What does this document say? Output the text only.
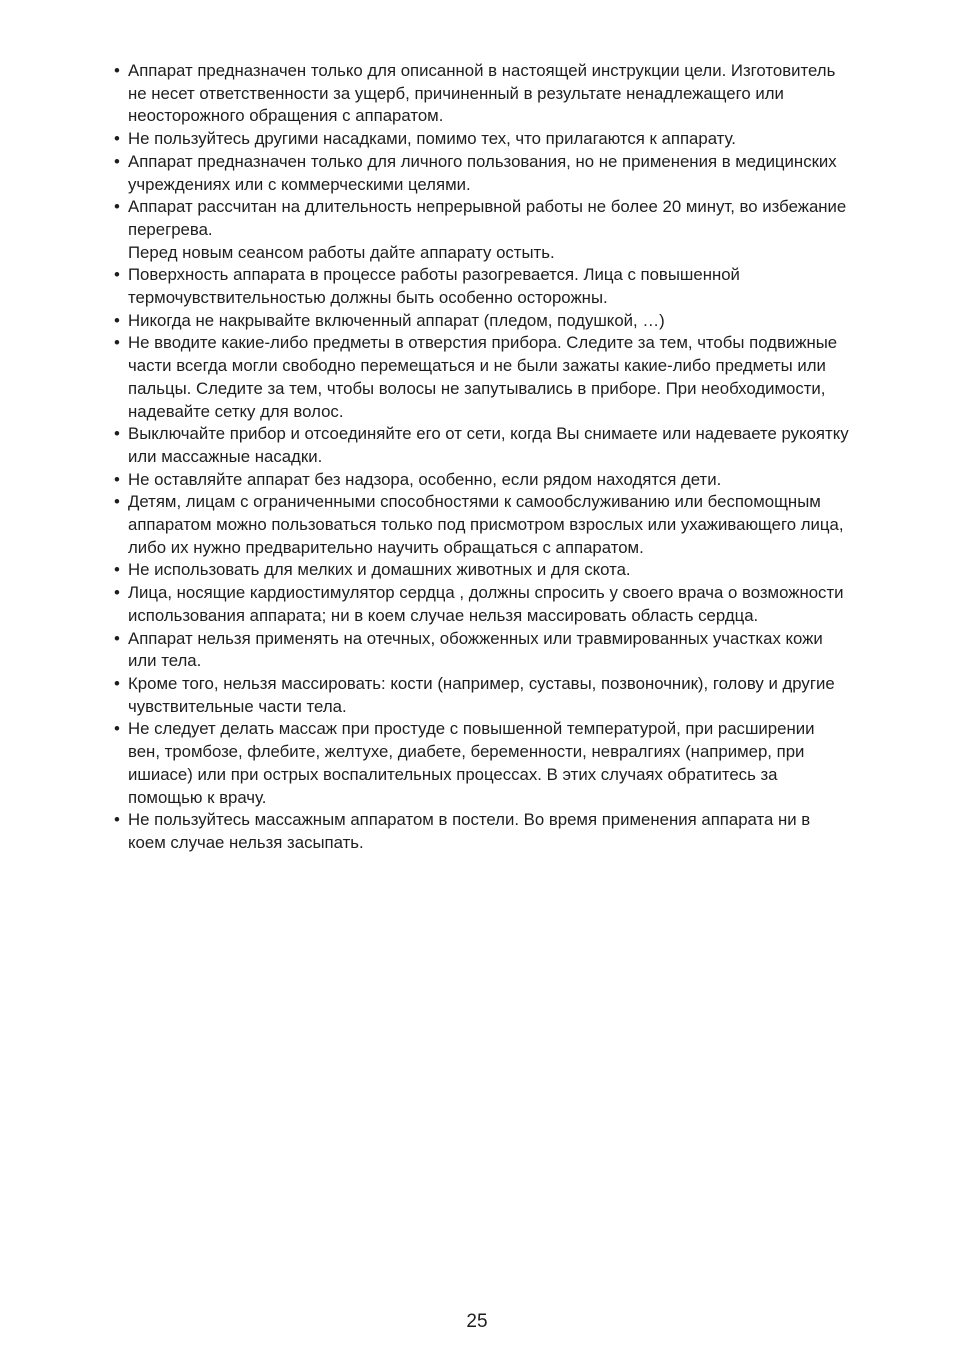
• Аппарат предназначен только для описанной в настоящей инструкции цели. Изготовитель
не несет ответственности за ущерб, причиненный в результате ненадлежащего или
неосторожного обращения с аппаратом.
• Не пользуйтесь другими насадками, помимо тех, что прилагаются к аппарату.
• Аппарат предназначен только для личного пользования, но не применения в медицинских
учреждениях или с коммерческими целями.
• Аппарат рассчитан на длительность непрерывной работы не более 20 минут, во избежание
перегрева.
Перед новым сеансом работы дайте аппарату остыть.
• Поверхность аппарата в процессе работы разогревается. Лица с повышенной
термочувствительностью должны быть особенно осторожны.
• Никогда не накрывайте включенный аппарат (пледом, подушкой, …)
• Не вводите какие-либо предметы в отверстия прибора. Следите за тем, чтобы подвижные
части всегда могли свободно перемещаться и не были зажаты какие-либо предметы или
пальцы. Следите за тем, чтобы волосы не запутывались в приборе. При необходимости,
надевайте сетку для волос.
• Выключайте прибор и отсоединяйте его от сети, когда Вы снимаете или надеваете рукоятку
или массажные насадки.
• Не оставляйте аппарат без надзора, особенно, если рядом находятся дети.
• Детям, лицам с ограниченными способностями к самообслуживанию или беспомощным
аппаратом можно пользоваться только под присмотром взрослых или ухаживающего лица,
либо их нужно предварительно научить обращаться с аппаратом.
• Не использовать для мелких и домашних животных и для скота.
• Лица, носящие кардиостимулятор сердца , должны спросить у своего врача о возможности
использования аппарата; ни в коем случае нельзя массировать область сердца.
• Аппарат нельзя применять на отечных, обожженных или травмированных участках кожи
или тела.
• Кроме того, нельзя массировать: кости (например, суставы, позвоночник), голову и другие
чувствительные части тела.
• Не следует делать массаж при простуде с повышенной температурой, при расширении
вен, тромбозе, флебите, желтухе, диабете, беременности, невралгиях (например, при
ишиасе) или при острых воспалительных процессах. В этих случаях обратитесь за
помощью к врачу.
• Не пользуйтесь массажным аппаратом в постели. Во время применения аппарата ни в
коем случае нельзя засыпать.
25
